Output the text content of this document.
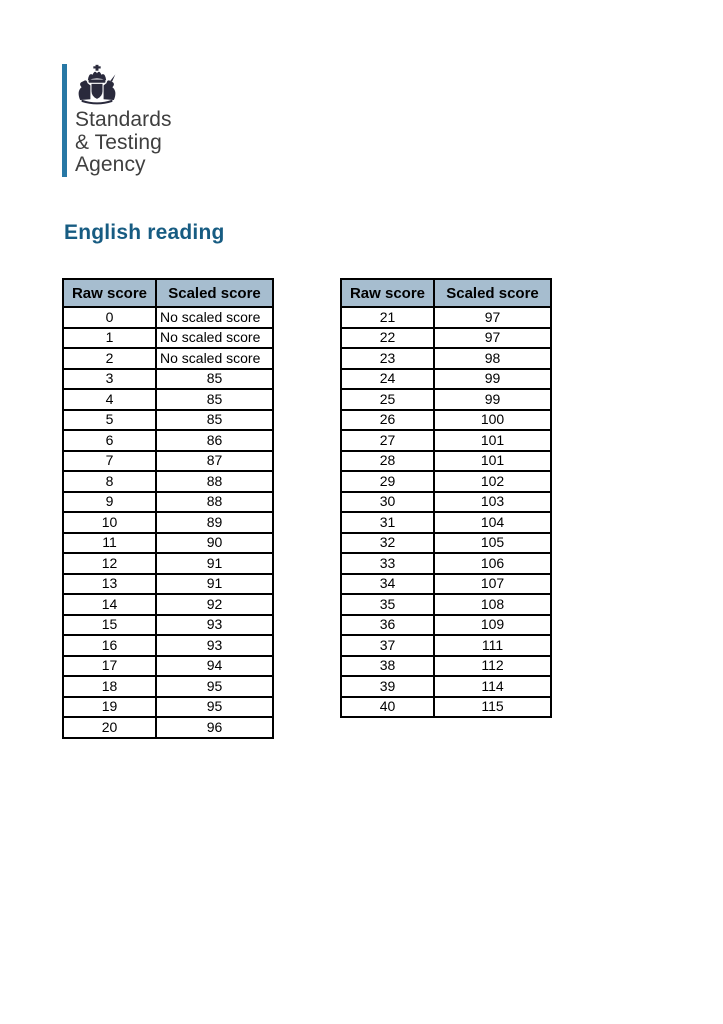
Standards
& Testing
Agency
English reading
Raw score	Scaled score
0	No scaled score
1	No scaled score
2	No scaled score
3	85
4	85
5	85
6	86
7	87
8	88
9	88
10	89
11	90
12	91
13	91
14	92
15	93
16	93
17	94
18	95
19	95
20	96
Raw score	Scaled score
21	97
22	97
23	98
24	99
25	99
26	100
27	101
28	101
29	102
30	103
31	104
32	105
33	106
34	107
35	108
36	109
37	111
38	112
39	114
40	115
